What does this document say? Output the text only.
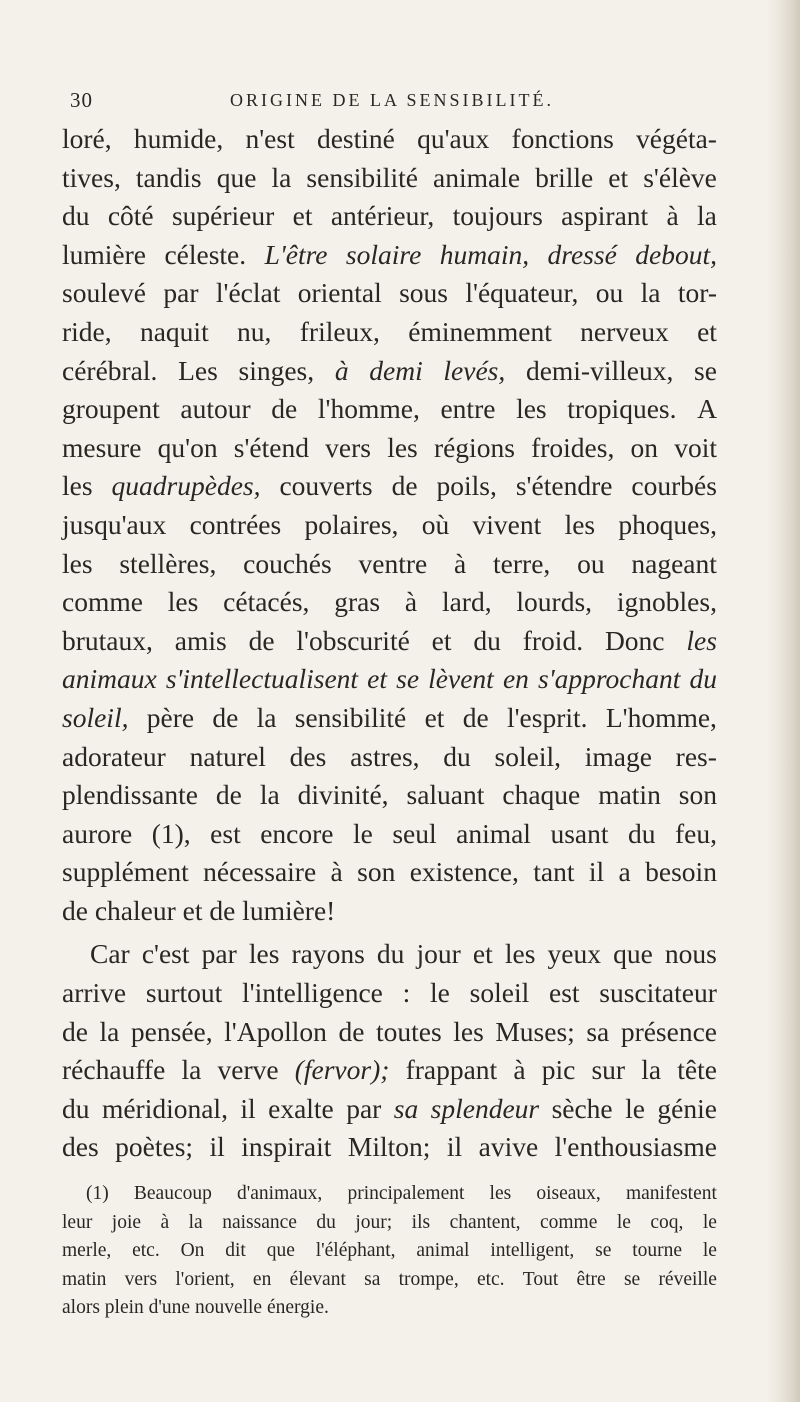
30	ORIGINE DE LA SENSIBILITÉ.
loré, humide, n'est destiné qu'aux fonctions végéta-
tives, tandis que la sensibilité animale brille et s'élève
du côté supérieur et antérieur, toujours aspirant à la
lumière céleste. L'être solaire humain, dressé debout,
soulevé par l'éclat oriental sous l'équateur, ou la tor-
ride, naquit nu, frileux, éminemment nerveux et
cérébral. Les singes, à demi levés, demi-villeux, se
groupent autour de l'homme, entre les tropiques. A
mesure qu'on s'étend vers les régions froides, on voit
les quadrupèdes, couverts de poils, s'étendre courbés
jusqu'aux contrées polaires, où vivent les phoques,
les stellères, couchés ventre à terre, ou nageant
comme les cétacés, gras à lard, lourds, ignobles,
brutaux, amis de l'obscurité et du froid. Donc les
animaux s'intellectualisent et se lèvent en s'approchant du
soleil, père de la sensibilité et de l'esprit. L'homme,
adorateur naturel des astres, du soleil, image res-
plendissante de la divinité, saluant chaque matin son
aurore (1), est encore le seul animal usant du feu,
supplément nécessaire à son existence, tant il a besoin
de chaleur et de lumière!
Car c'est par les rayons du jour et les yeux que nous
arrive surtout l'intelligence : le soleil est suscitateur
de la pensée, l'Apollon de toutes les Muses; sa présence
réchauffe la verve (fervor); frappant à pic sur la tête
du méridional, il exalte par sa splendeur sèche le génie
des poètes; il inspirait Milton; il avive l'enthousiasme
(1) Beaucoup d'animaux, principalement les oiseaux, manifestent
leur joie à la naissance du jour; ils chantent, comme le coq, le
merle, etc. On dit que l'éléphant, animal intelligent, se tourne le
matin vers l'orient, en élevant sa trompe, etc. Tout être se réveille
alors plein d'une nouvelle énergie.
